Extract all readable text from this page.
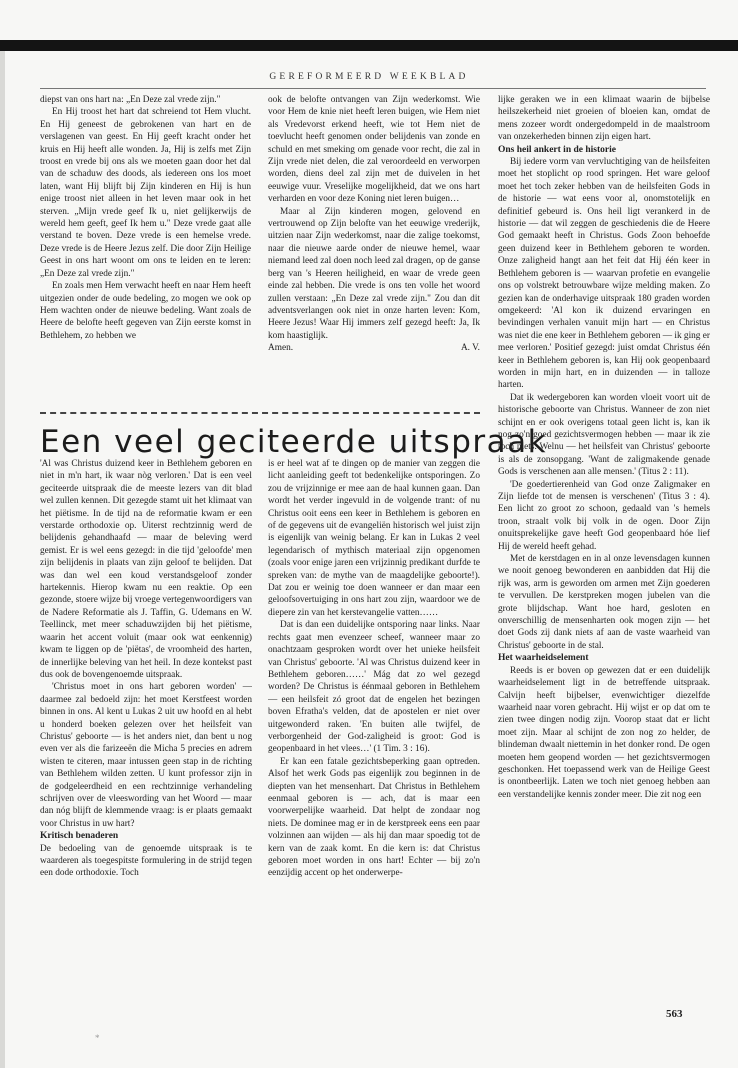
GEREFORMEERD WEEKBLAD

diepst van ons hart na: „En Deze zal vrede zijn."

En Hij troost het hart dat schreiend tot Hem vlucht. En Hij geneest de gebrokenen van hart en de verslagenen van geest. En Hij geeft kracht onder het kruis en Hij heeft alle wonden. Ja, Hij is zelfs met Zijn troost en vrede bij ons als we moeten gaan door het dal van de schaduw des doods, als iedereen ons los moet laten, want Hij blijft bij Zijn kinderen en Hij is hun enige troost niet alleen in het leven maar ook in het sterven. „Mijn vrede geef Ik u, niet gelijkerwijs de wereld hem geeft, geef Ik hem u." Deze vrede gaat alle verstand te boven. Deze vrede is een hemelse vrede. Deze vrede is de Heere Jezus zelf. Die door Zijn Heilige Geest in ons hart woont om ons te leiden en te leren: „En Deze zal vrede zijn."

En zoals men Hem verwacht heeft en naar Hem heeft uitgezien onder de oude bedeling, zo mogen we ook op Hem wachten onder de nieuwe bedeling. Want zoals de Heere de belofte heeft gegeven van Zijn eerste komst in Bethlehem, zo hebben we

ook de belofte ontvangen van Zijn wederkomst. Wie voor Hem de knie niet heeft leren buigen, wie Hem niet als Vredevorst erkend heeft, wie tot Hem niet de toevlucht heeft genomen onder belijdenis van zonde en schuld en met smeking om genade voor recht, die zal in Zijn vrede niet delen, die zal veroordeeld en verworpen worden, diens deel zal zijn met de duivelen in het eeuwige vuur. Vreselijke mogelijkheid, dat we ons hart verharden en voor deze Koning niet leren buigen…

Maar al Zijn kinderen mogen, gelovend en vertrouwend op Zijn belofte van het eeuwige vrederijk, uitzien naar Zijn wederkomst, naar die zalige toekomst, naar die nieuwe aarde onder de nieuwe hemel, waar niemand leed zal doen noch leed zal dragen, op de ganse berg van 's Heeren heiligheid, en waar de vrede geen einde zal hebben. Die vrede is ons ten volle het woord zullen verstaan: „En Deze zal vrede zijn." Zou dan dit adventsverlangen ook niet in onze harten leven: Kom, Heere Jezus! Waar Hij immers zelf gezegd heeft: Ja, Ik kom haastiglijk.

Amen.	A. V.
Een veel geciteerde uitspraak

'Al was Christus duizend keer in Bethlehem geboren en niet in m'n hart, ik waar nòg verloren.' Dat is een veel geciteerde uitspraak die de meeste lezers van dit blad wel zullen kennen. Dit gezegde stamt uit het klimaat van het piëtisme. In de tijd na de reformatie kwam er een verstarde orthodoxie op. Uiterst rechtzinnig werd de belijdenis gehandhaafd — maar de beleving werd gemist. Er is wel eens gezegd: in die tijd 'geloofde' men zijn belijdenis in plaats van zijn geloof te belijden. Dat was dan wel een koud verstandsgeloof zonder hartekennis. Hierop kwam nu een reaktie. Op een gezonde, stoere wijze bij vroege vertegenwoordigers van de Nadere Reformatie als J. Taffin, G. Udemans en W. Teellinck, met meer schaduwzijden bij het piëtisme, waarin het accent voluit (maar ook wat eenkennig) kwam te liggen op de 'piëtas', de vroomheid des harten, de innerlijke beleving van het heil. In deze kontekst past dus ook de bovengenoemde uitspraak.

'Christus moet in ons hart geboren worden' — daarmee zal bedoeld zijn: het moet Kerstfeest worden binnen in ons. Al kent u Lukas 2 uit uw hoofd en al hebt u honderd boeken gelezen over het heilsfeit van Christus' geboorte — is het anders niet, dan bent u nog even ver als die farizeeën die Micha 5 precies en adrem wisten te citeren, maar intussen geen stap in de richting van Bethlehem wilden zetten. U kunt professor zijn in de godgeleerdheid en een rechtzinnige verhandeling schrijven over de vleeswording van het Woord — maar dan nóg blijft de klemmende vraag: is er plaats gemaakt voor Christus in uw hart?

Kritisch benaderen

De bedoeling van de genoemde uitspraak is te waarderen als toegespitste formulering in de strijd tegen een dode orthodoxie. Toch

is er heel wat af te dingen op de manier van zeggen die licht aanleiding geeft tot bedenkelijke ontsporingen. Zo zou de vrijzinnige er mee aan de haal kunnen gaan. Dan wordt het verder ingevuld in de volgende trant: of nu Christus ooit eens een keer in Bethlehem is geboren en of de gegevens uit de evangeliën historisch wel juist zijn is eigenlijk van weinig belang. Er kan in Lukas 2 veel legendarisch of mythisch materiaal zijn opgenomen (zoals voor enige jaren een vrijzinnig predikant durfde te spreken van: de mythe van de maagdelijke geboorte!). Dat zou er weinig toe doen wanneer er dan maar een geloofsovertuiging in ons hart zou zijn, waardoor we de diepere zin van het kerstevangelie vatten……

Dat is dan een duidelijke ontsporing naar links. Naar rechts gaat men evenzeer scheef, wanneer maar zo onachtzaam gesproken wordt over het unieke heilsfeit van Christus' geboorte. 'Al was Christus duizend keer in Bethlehem geboren……' Mág dat zo wel gezegd worden? De Christus is éénmaal geboren in Bethlehem — een heilsfeit zó groot dat de engelen het bezingen boven Efratha's velden, dat de apostelen er niet over uitgewonderd raken. 'En buiten alle twijfel, de verborgenheid der God-zaligheid is groot: God is geopenbaard in het vlees…' (1 Tim. 3 : 16).

Er kan een fatale gezichtsbeperking gaan optreden. Alsof het werk Gods pas eigenlijk zou beginnen in de diepten van het mensenhart. Dat Christus in Bethlehem eenmaal geboren is — ach, dat is maar een voorwerpelijke waarheid. Dat helpt de zondaar nog niets. De dominee mag er in de kerstpreek eens een paar volzinnen aan wijden — als hij dan maar spoedig tot de kern van de zaak komt. En die kern is: dat Christus geboren moet worden in ons hart! Echter — bij zo'n eenzijdig accent op het onderwerpe-

lijke geraken we in een klimaat waarin de bijbelse heilszekerheid niet groeien of bloeien kan, omdat de mens zozeer wordt ondergedompeld in de maalstroom van onzekerheden binnen zijn eigen hart.

Ons heil ankert in de historie

Bij iedere vorm van vervluchtiging van de heilsfeiten moet het stoplicht op rood springen. Het ware geloof moet het toch zeker hebben van de heilsfeiten Gods in de historie — wat eens voor al, onomstotelijk en definitief gebeurd is. Ons heil ligt verankerd in de historie — dat wil zeggen de geschiedenis die de Heere God gemaakt heeft in Christus. Gods Zoon behoefde geen duizend keer in Bethlehem geboren te worden. Onze zaligheid hangt aan het feit dat Hij één keer in Bethlehem geboren is — waarvan profetie en evangelie ons op volstrekt betrouwbare wijze melding maken. Zo gezien kan de onderhavige uitspraak 180 graden worden omgekeerd: 'Al kon ik duizend ervaringen en bevindingen verhalen vanuit mijn hart — en Christus was niet die ene keer in Bethlehem geboren — ik ging er mee verloren.' Positief gezegd: juist omdat Christus één keer in Bethlehem geboren is, kan Hij ook geopenbaard worden in mijn hart, en in duizenden — in talloze harten.

Dat ik wedergeboren kan worden vloeit voort uit de historische geboorte van Christus. Wanneer de zon niet schijnt en er ook overigens totaal geen licht is, kan ik nog zo'n goed gezichtsvermogen hebben — maar ik zie toch niets. Welnu — het heilsfeit van Christus' geboorte is als de zonsopgang. 'Want de zaligmakende genade Gods is verschenen aan alle mensen.' (Titus 2 : 11).

'De goedertierenheid van God onze Zaligmaker en Zijn liefde tot de mensen is verschenen' (Titus 3 : 4). Een licht zo groot zo schoon, gedaald van 's hemels troon, straalt volk bij volk in de ogen. Door Zijn onuitsprekelijke gave heeft God geopenbaard hóe lief Hij de wereld heeft gehad.

Met de kerstdagen en in al onze levensdagen kunnen we nooit genoeg bewonderen en aanbidden dat Hij die rijk was, arm is geworden om armen met Zijn goederen te vervullen. De kerstpreken mogen jubelen van die grote blijdschap. Want hoe hard, gesloten en onverschillig de mensenharten ook mogen zijn — het doet Gods zij dank niets af aan de vaste waarheid van Christus' geboorte in de stal.

Het waarheidselement

Reeds is er boven op gewezen dat er een duidelijk waarheidselement ligt in de betreffende uitspraak. Calvijn heeft bijbelser, evenwichtiger diezelfde waarheid naar voren gebracht. Hij wijst er op dat om te zien twee dingen nodig zijn. Voorop staat dat er licht moet zijn. Maar al schijnt de zon nog zo helder, de blindeman dwaalt niettemin in het donker rond. De ogen moeten hem geopend worden — het gezichtsvermogen geschonken. Het toepassend werk van de Heilige Geest is onontbeerlijk. Laten we toch niet genoeg hebben aan een verstandelijke kennis zonder meer. Die zit nog een

563
*
